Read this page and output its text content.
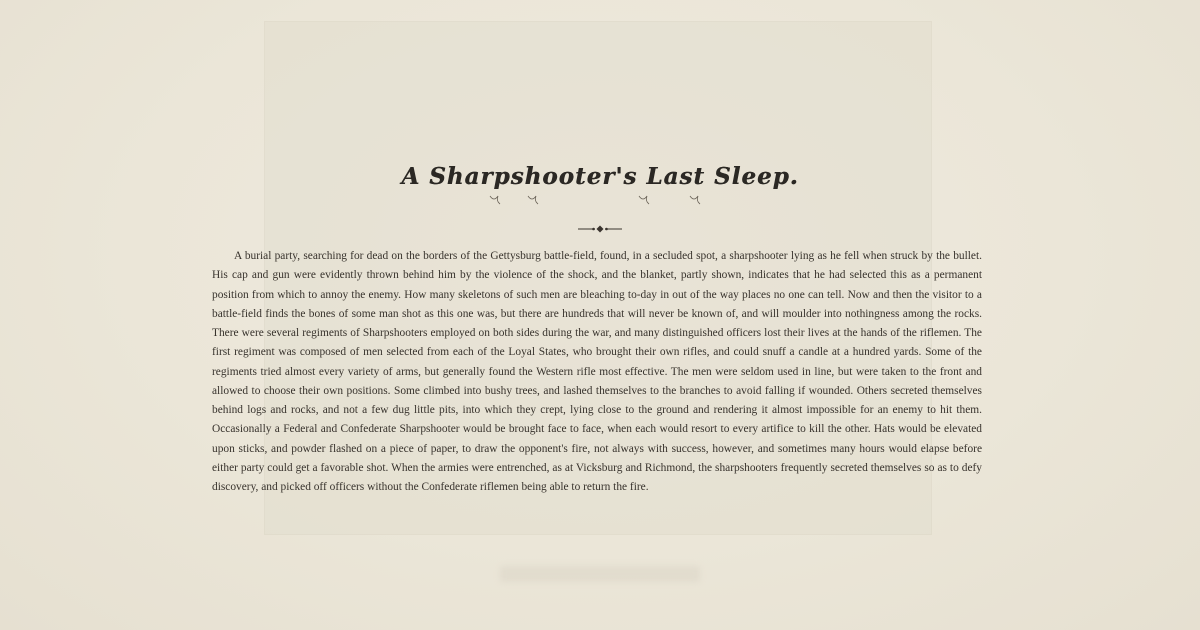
A Sharpshooter's Last Sleep.

A burial party, searching for dead on the borders of the Gettysburg battle-field, found, in a secluded spot, a sharpshooter lying as he fell when struck by the bullet. His cap and gun were evidently thrown behind him by the violence of the shock, and the blanket, partly shown, indicates that he had selected this as a permanent position from which to annoy the enemy. How many skeletons of such men are bleaching to-day in out of the way places no one can tell. Now and then the visitor to a battle-field finds the bones of some man shot as this one was, but there are hundreds that will never be known of, and will moulder into nothingness among the rocks. There were several regiments of Sharpshooters employed on both sides during the war, and many distinguished officers lost their lives at the hands of the riflemen. The first regiment was composed of men selected from each of the Loyal States, who brought their own rifles, and could snuff a candle at a hundred yards. Some of the regiments tried almost every variety of arms, but generally found the Western rifle most effective. The men were seldom used in line, but were taken to the front and allowed to choose their own positions. Some climbed into bushy trees, and lashed themselves to the branches to avoid falling if wounded. Others secreted themselves behind logs and rocks, and not a few dug little pits, into which they crept, lying close to the ground and rendering it almost impossible for an enemy to hit them. Occasionally a Federal and Confederate Sharpshooter would be brought face to face, when each would resort to every artifice to kill the other. Hats would be elevated upon sticks, and powder flashed on a piece of paper, to draw the opponent's fire, not always with success, however, and sometimes many hours would elapse before either party could get a favorable shot. When the armies were entrenched, as at Vicksburg and Richmond, the sharpshooters frequently secreted themselves so as to defy discovery, and picked off officers without the Confederate riflemen being able to return the fire.
